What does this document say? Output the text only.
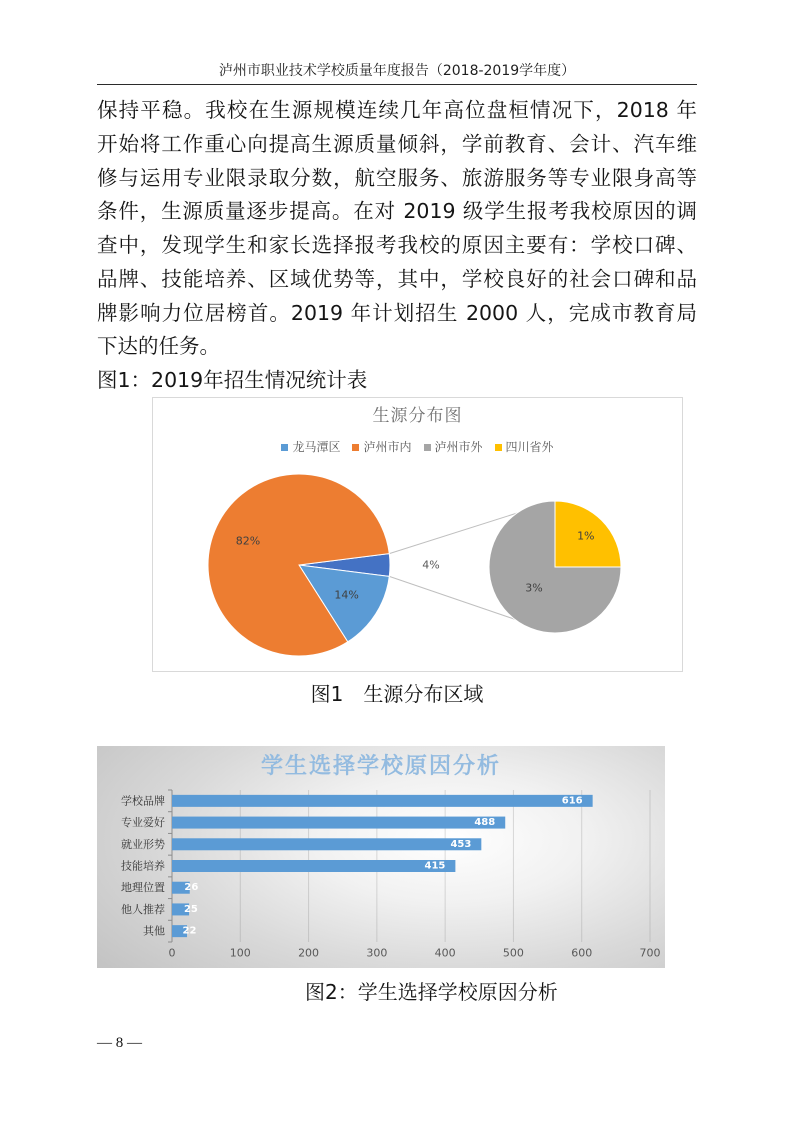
泸州市职业技术学校质量年度报告（2018-2019学年度）
保持平稳。我校在生源规模连续几年高位盘桓情况下，2018 年
开始将工作重心向提高生源质量倾斜，学前教育、会计、汽车维
修与运用专业限录取分数，航空服务、旅游服务等专业限身高等
条件，生源质量逐步提高。在对 2019 级学生报考我校原因的调
查中，发现学生和家长选择报考我校的原因主要有：学校口碑、
品牌、技能培养、区域优势等，其中，学校良好的社会口碑和品
牌影响力位居榜首。2019 年计划招生 2000 人，完成市教育局
下达的任务。
图1：2019年招生情况统计表
生源分布图
龙马潭区 泸州市内 泸州市外 四川省外
4%
14%
82%	1%
3%
图1　生源分布区域
学生选择学校原因分析
0	100	200	300	400	500	600	700
学校品牌	616
专业爱好	488
就业形势	453
技能培养	415
地理位置 26
他人推荐 25
其他 22
图2：学生选择学校原因分析
— 8 —
